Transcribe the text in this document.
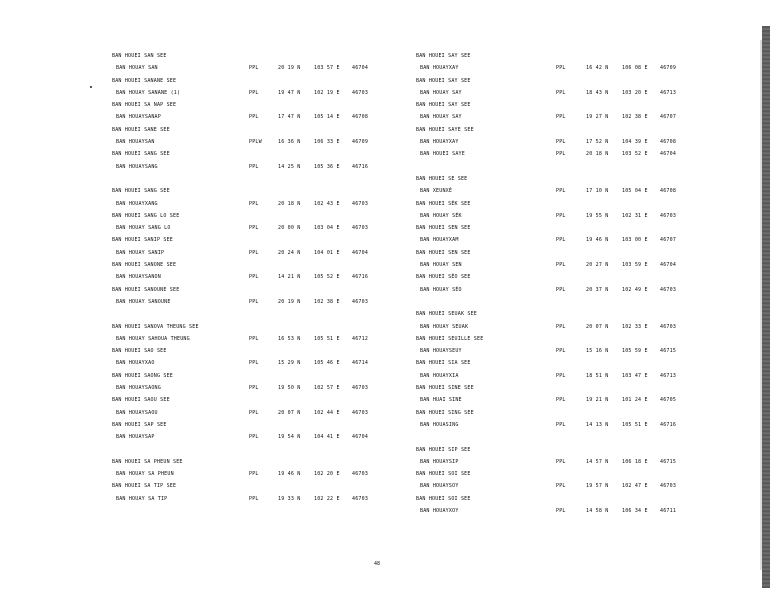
BAN HOUEI SAN SEE
BAN HOUAY SAN	PPL	20 19 N	103 57 E 46704
BAN HOUEI SANANE SEE
BAN HOUAY SANANE (1)	PPL	19 47 N	102 19 E 46703
BAN HOUEI SA NAP SEE
BAN HOUAYSANAP	PPL	17 47 N	105 14 E 46708
BAN HOUEI SANE SEE
BAN HOUAYSAN	PPLW	16 36 N	106 33 E 46709
BAN HOUEI SANG SEE
BAN HOUAYSANG	PPL	14 25 N	105 36 E 46716
BAN HOUEI SANG SEE
BAN HOUAYXANG	PPL	20 18 N	102 43 E 46703
BAN HOUEI SANG LO SEE
BAN HOUAY SANG LO	PPL	20 00 N	103 04 E 46703
BAN HOUEI SANIP SEE
BAN HOUAY SANIP	PPL	20 24 N	104 01 E 46704
BAN HOUEI SANONE SEE
BAN HOUAYSANON	PPL	14 21 N	105 52 E 46716
BAN HOUEI SANOUNE SEE
BAN HOUAY SANOUNE	PPL	20 19 N	102 38 E 46703
BAN HOUEI SANOVA THEUNG SEE
BAN HOUAY SAHOUA THEUNG	PPL	16 53 N	105 51 E 46712
BAN HOUEI SAO SEE
BAN HOUAYXAO	PPL	15 29 N	105 46 E 46714
BAN HOUEI SAONG SEE
BAN HOUAYSAONG	PPL	19 50 N	102 57 E 46703
BAN HOUEI SAOU SEE
BAN HOUAYSAOU	PPL	20 07 N	102 44 E 46703
BAN HOUEI SAP SEE
BAN HOUAYSAP	PPL	19 54 N	104 41 E 46704
BAN HOUEI SA PHEUN SEE
BAN HOUAY SA PHEUN	PPL	19 46 N	102 20 E 46703
BAN HOUEI SA TIP SEE
BAN HOUAY SA TIP	PPL	19 33 N	102 22 E 46703
BAN HOUEI SAY SEE
BAN HOUAYXAY	PPL	16 42 N	106 08 E 46709
BAN HOUEI SAY SEE
BAN HOUAY SAY	PPL	18 43 N	103 20 E 46713
BAN HOUEI SAY SEE
BAN HOUAY SAY	PPL	19 27 N	102 38 E 46707
BAN HOUEI SAYE SEE
BAN HOUAYXAY	PPL	17 52 N	104 39 E 46708
BAN HOUEI SAYE	PPL	20 18 N	103 52 E 46704
BAN HOUEI SE SEE
BAN XEUNXÉ	PPL	17 10 N	105 04 E 46708
BAN HOUEI SÉK SEE
BAN HOUAY SÉK	PPL	19 55 N	102 31 E 46703
BAN HOUEI SEN SEE
BAN HOUAYXAM	PPL	19 46 N	103 00 E 46707
BAN HOUEI SEN SEE
BAN HOUAY SEN	PPL	20 27 N	103 59 E 46704
BAN HOUEI SÉO SEE
BAN HOUAY SÉO	PPL	20 37 N	102 49 E 46703
BAN HOUEI SEUAK SEE
BAN HOUAY SEUAK	PPL	20 07 N	102 33 E 46703
BAN HOUEI SEUILLE SEE
BAN HOUAYSEUY	PPL	15 16 N	105 59 E 46715
BAN HOUEI SIA SEE
BAN HOUAYXIA	PPL	18 51 N	103 47 E 46713
BAN HOUEI SINE SEE
BAN HUAI SINE	PPL	19 21 N	101 24 E 46705
BAN HOUEI SING SEE
BAN HOUASING	PPL	14 13 N	105 51 E 46716
BAN HOUEI SIP SEE
BAN HOUAYSIP	PPL	14 57 N	106 18 E 46715
BAN HOUEI SOI SEE
BAN HOUAYSOY	PPL	19 57 N	102 47 E 46703
BAN HOUEI SOI SEE
BAN HOUAYXOY	PPL	14 58 N	106 34 E 46711
48
